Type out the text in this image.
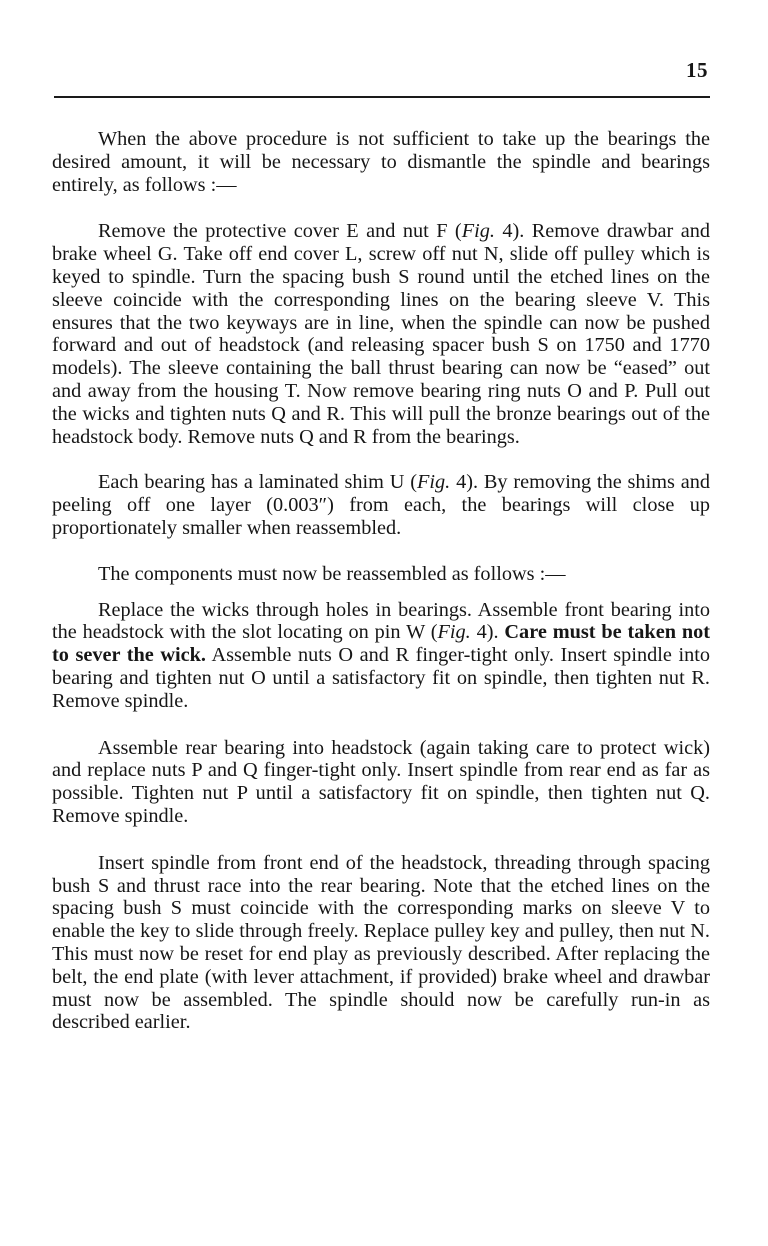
15

When the above procedure is not sufficient to take up the bearings the desired amount, it will be necessary to dismantle the spindle and bearings entirely, as follows :—

Remove the protective cover E and nut F (Fig. 4). Remove drawbar and brake wheel G. Take off end cover L, screw off nut N, slide off pulley which is keyed to spindle. Turn the spacing bush S round until the etched lines on the sleeve coincide with the corresponding lines on the bearing sleeve V. This ensures that the two keyways are in line, when the spindle can now be pushed forward and out of headstock (and releasing spacer bush S on 1750 and 1770 models). The sleeve containing the ball thrust bearing can now be “eased” out and away from the housing T. Now remove bearing ring nuts O and P. Pull out the wicks and tighten nuts Q and R. This will pull the bronze bearings out of the headstock body. Remove nuts Q and R from the bearings.

Each bearing has a laminated shim U (Fig. 4). By removing the shims and peeling off one layer (0.003″) from each, the bearings will close up proportionately smaller when reassembled.

The components must now be reassembled as follows :—

Replace the wicks through holes in bearings. Assemble front bearing into the headstock with the slot locating on pin W (Fig. 4). Care must be taken not to sever the wick. Assemble nuts O and R finger-tight only. Insert spindle into bearing and tighten nut O until a satisfactory fit on spindle, then tighten nut R. Remove spindle.

Assemble rear bearing into headstock (again taking care to protect wick) and replace nuts P and Q finger-tight only. Insert spindle from rear end as far as possible. Tighten nut P until a satisfactory fit on spindle, then tighten nut Q. Remove spindle.

Insert spindle from front end of the headstock, threading through spacing bush S and thrust race into the rear bearing. Note that the etched lines on the spacing bush S must coincide with the corresponding marks on sleeve V to enable the key to slide through freely. Replace pulley key and pulley, then nut N. This must now be reset for end play as previously described. After replacing the belt, the end plate (with lever attachment, if provided) brake wheel and drawbar must now be assembled. The spindle should now be carefully run-in as described earlier.
